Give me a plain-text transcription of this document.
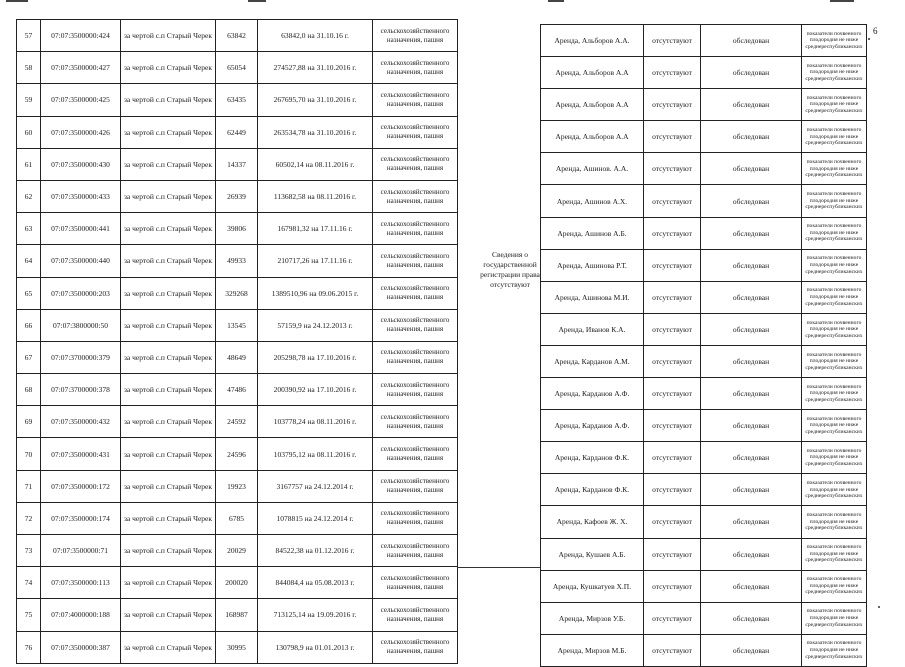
57	07:07:3500000:424	за чертой с.п Старый Черек	63842	63842,0 на 31.10.16 г.	сельскохозяйственного назначения, пашня
58	07:07:3500000:427	за чертой с.п Старый Черек	65054	274527,88 на 31.10.2016 г.	сельскохозяйственного назначения, пашня
59	07:07:3500000:425	за чертой с.п Старый Черек	63435	267695,70 на 31.10.2016 г.	сельскохозяйственного назначения, пашня
60	07:07:3500000:426	за чертой с.п Старый Черек	62449	263534,78 на 31.10.2016 г.	сельскохозяйственного назначения, пашня
61	07:07:3500000:430	за чертой с.п Старый Черек	14337	60502,14 на 08.11.2016 г.	сельскохозяйственного назначения, пашня
62	07:07:3500000:433	за чертой с.п Старый Черек	26939	113682,58 на 08.11.2016 г.	сельскохозяйственного назначения, пашня
63	07:07:3500000:441	за чертой с.п Старый Черек	39806	167981,32 на 17.11.16 г.	сельскохозяйственного назначения, пашня
64	07:07:3500000:440	за чертой с.п Старый Черек	49933	210717,26 на 17.11.16 г.	сельскохозяйственного назначения, пашня
65	07:07:3500000:203	за чертой с.п Старый Черек	329268	1389510,96 на 09.06.2015 г.	сельскохозяйственного назначения, пашня
66	07:07:3800000:50	за чертой с.п Старый Черек	13545	57159,9 на 24.12.2013 г.	сельскохозяйственного назначения, пашня
67	07:07:3700000:379	за чертой с.п Старый Черек	48649	205298,78 на 17.10.2016 г.	сельскохозяйственного назначения, пашня
68	07:07:3700000:378	за чертой с.п Старый Черек	47486	200390,92 на 17.10.2016 г.	сельскохозяйственного назначения, пашня
69	07:07:3500000:432	за чертой с.п Старый Черек	24592	103778,24 на 08.11.2016 г.	сельскохозяйственного назначения, пашня
70	07:07:3500000:431	за чертой с.п Старый Черек	24596	103795,12 на 08.11.2016 г.	сельскохозяйственного назначения, пашня
71	07:07:3500000:172	за чертой с.п Старый Черек	19923	3167757 на 24.12.2014 г.	сельскохозяйственного назначения, пашня
72	07:07:3500000:174	за чертой с.п Старый Черек	6785	1078815 на 24.12.2014 г.	сельскохозяйственного назначения, пашня
73	07:07:3500000:71	за чертой с.п Старый Черек	20029	84522,38 на 01.12.2016 г.	сельскохозяйственного назначения, пашня
74	07:07:3500000:113	за чертой с.п Старый Черек	200020	844084,4 на 05.08.2013 г.	сельскохозяйственного назначения, пашня
75	07:07:4000000:188	за чертой с.п Старый Черек	168987	713125,14 на 19.09.2016 г.	сельскохозяйственного назначения, пашня
76	07:07:3500000:387	за чертой с.п Старый Черек	30995	130798,9 на 01.01.2013 г.	сельскохозяйственного назначения, пашня
Сведения о государственной регистрации права отсутствуют
Аренда, Альборов А.А.	отсутствуют	обследован	показатели почвенного плодородия не ниже среднереспубликанских
Аренда, Альборов А.А	отсутствуют	обследован	показатели почвенного плодородия не ниже среднереспубликанских
Аренда, Альборов А.А	отсутствуют	обследован	показатели почвенного плодородия не ниже среднереспубликанских
Аренда, Альборов А.А	отсутствуют	обследован	показатели почвенного плодородия не ниже среднереспубликанских
Аренда, Ашинов. А.А.	отсутствуют	обследован	показатели почвенного плодородия не ниже среднереспубликанских
Аренда, Ашинов А.Х.	отсутствуют	обследован	показатели почвенного плодородия не ниже среднереспубликанских
Аренда, Ашинов А.Б.	отсутствуют	обследован	показатели почвенного плодородия не ниже среднереспубликанских
Аренда, Ашинова Р.Т.	отсутствуют	обследован	показатели почвенного плодородия не ниже среднереспубликанских
Аренда, Ашинова М.И.	отсутствуют	обследован	показатели почвенного плодородия не ниже среднереспубликанских
Аренда, Иванов К.А.	отсутствуют	обследован	показатели почвенного плодородия не ниже среднереспубликанских
Аренда, Карданов А.М.	отсутствуют	обследован	показатели почвенного плодородия не ниже среднереспубликанских
Аренда, Карданов А.Ф.	отсутствуют	обследован	показатели почвенного плодородия не ниже среднереспубликанских
Аренда, Карданов А.Ф.	отсутствуют	обследован	показатели почвенного плодородия не ниже среднереспубликанских
Аренда, Карданов Ф.К.	отсутствуют	обследован	показатели почвенного плодородия не ниже среднереспубликанских
Аренда, Карданов Ф.К.	отсутствуют	обследован	показатели почвенного плодородия не ниже среднереспубликанских
Аренда, Кафоев Ж. Х.	отсутствуют	обследован	показатели почвенного плодородия не ниже среднереспубликанских
Аренда, Кушаев А.Б.	отсутствуют	обследован	показатели почвенного плодородия не ниже среднереспубликанских
Аренда, Кушкатуев Х.П.	отсутствуют	обследован	показатели почвенного плодородия не ниже среднереспубликанских
Аренда, Мирзов У.Б.	отсутствуют	обследован	показатели почвенного плодородия не ниже среднереспубликанских
Аренда, Мирзов М.Б.	отсутствуют	обследован	показатели почвенного плодородия не ниже среднереспубликанских
6
